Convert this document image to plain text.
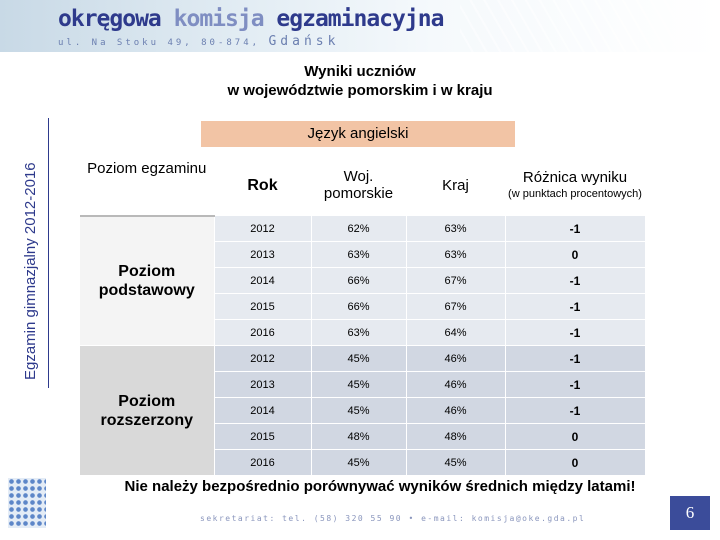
okręgowa komisja egzaminacyjna
ul. Na Stoku 49, 80-874, Gdańsk
Wyniki uczniów
w województwie pomorskim i w kraju
Egzamin gimnazjalny 2012-2016
Język angielski
Poziom egzaminu	Rok	Woj. pomorskie	Kraj	Różnica wyniku
(w punktach procentowych)

Poziom podstawowy	2012	62%	63%	-1
	2013	63%	63%	0
	2014	66%	67%	-1
	2015	66%	67%	-1
	2016	63%	64%	-1
Poziom rozszerzony	2012	45%	46%	-1
	2013	45%	46%	-1
	2014	45%	46%	-1
	2015	48%	48%	0
	2016	45%	45%	0
Nie należy bezpośrednio porównywać wyników średnich między latami!
sekretariat: tel. (58) 320 55 90 • e-mail: komisja@oke.gda.pl	6
